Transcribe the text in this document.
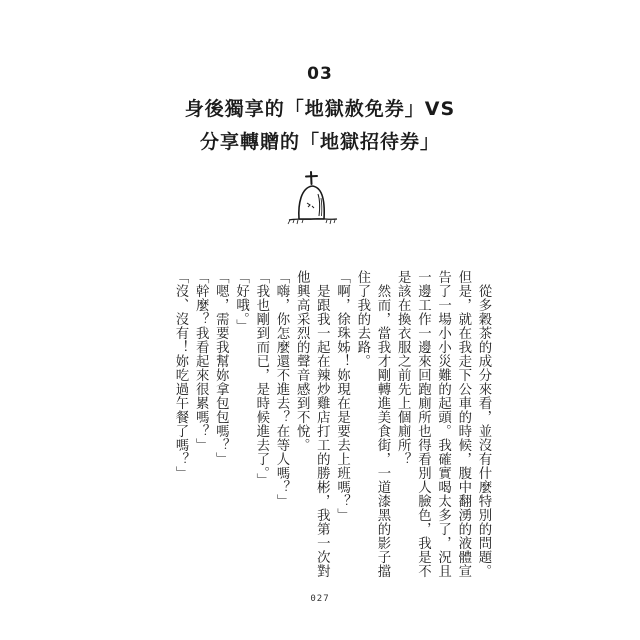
03
身後獨享的「地獄赦免券」VS
分享轉贈的「地獄招待券」

　從多穀茶的成分來看，並沒有什麼特別的問題。但是，就在我走下公車的時候，腹中翻湧的液體宣告了一場小小災難的起頭。我確實喝太多了，況且一邊工作一邊來回跑廁所也得看別人臉色，我是不是該在換衣服之前先上個廁所？

　然而，當我才剛轉進美食街，一道漆黑的影子擋住了我的去路。

「啊，徐珠姊！妳現在是要去上班嗎？」

　是跟我一起在辣炒雞店打工的勝彬，我第一次對他興高采烈的聲音感到不悅。

「嗨，你怎麼還不進去？在等人嗎？」

「我也剛到而已，是時候進去了。」

「好哦。」

「嗯，需要我幫妳拿包包嗎？」

「幹麼？我看起來很累嗎？」

「沒、沒有！妳吃過午餐了嗎？」

027
